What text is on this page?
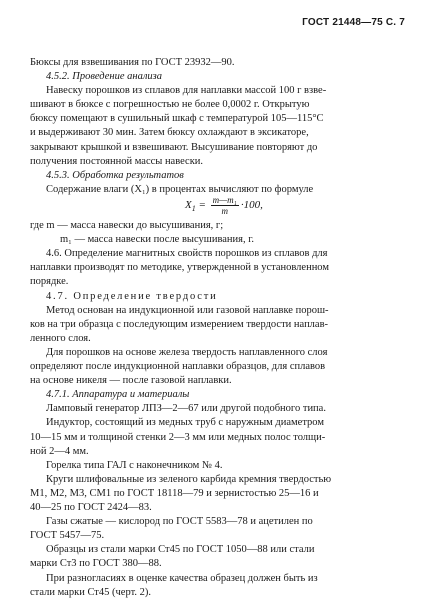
ГОСТ 21448—75 С. 7
Бюксы для взвешивания по ГОСТ 23932—90.
4.5.2. Проведение анализа
Навеску порошков из сплавов для наплавки массой 100 г взве-
шивают в бюксе с погрешностью не более 0,0002 г. Открытую
бюксу помещают в сушильный шкаф с температурой 105—115°С
и выдерживают 30 мин. Затем бюксу охлаждают в эксикаторе,
закрывают крышкой и взвешивают. Высушивание повторяют до
получения постоянной массы навески.
4.5.3. Обработка результатов
Содержание влаги (X₁) в процентах вычисляют по формуле
$X_1 = \frac{\text{m—m₁}}{m} \cdot 100$,
где m — масса навески до высушивания, г;
m₁ — масса навески после высушивания, г.
4.6. Определение магнитных свойств порошков из сплавов для
наплавки производят по методике, утвержденной в установленном
порядке.
4.7. Определение твердости
Метод основан на индукционной или газовой наплавке порош-
ков на три образца с последующим измерением твердости наплав-
ленного слоя.
Для порошков на основе железа твердость наплавленного слоя
определяют после индукционной наплавки образцов, для сплавов
на основе никеля — после газовой наплавки.
4.7.1. Аппаратура и материалы
Ламповый генератор ЛПЗ—2—67 или другой подобного типа.
Индуктор, состоящий из медных труб с наружным диаметром
10—15 мм и толщиной стенки 2—3 мм или медных полос толщи-
ной 2—4 мм.
Горелка типа ГАЛ с наконечником № 4.
Круги шлифовальные из зеленого карбида кремния твердостью
М1, М2, М3, СМ1 по ГОСТ 18118—79 и зернистостью 25—16 и
40—25 по ГОСТ 2424—83.
Газы сжатые — кислород по ГОСТ 5583—78 и ацетилен по
ГОСТ 5457—75.
Образцы из стали марки Ст45 по ГОСТ 1050—88 или стали
марки Ст3 по ГОСТ 380—88.
При разногласиях в оценке качества образец должен быть из
стали марки Ст45 (черт. 2).
